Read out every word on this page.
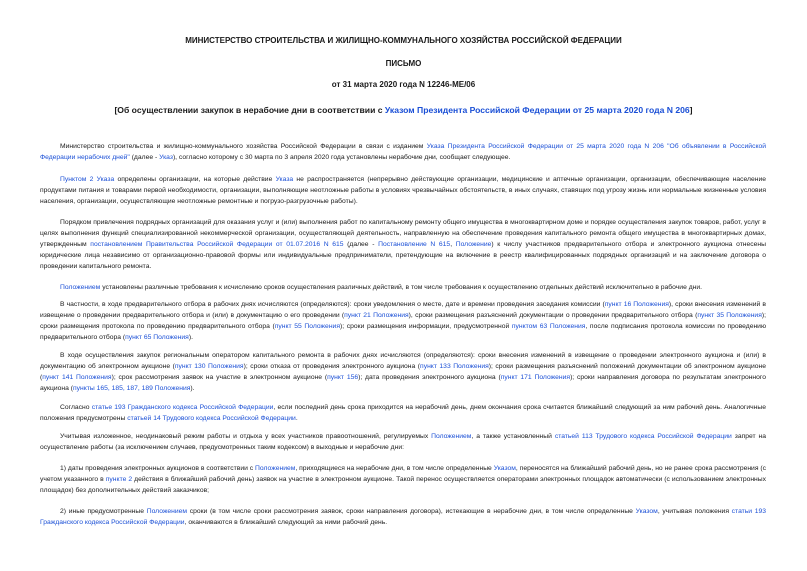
МИНИСТЕРСТВО СТРОИТЕЛЬСТВА И ЖИЛИЩНО-КОММУНАЛЬНОГО ХОЗЯЙСТВА РОССИЙСКОЙ ФЕДЕРАЦИИ
ПИСЬМО
от 31 марта 2020 года N 12246-МЕ/06
[Об осуществлении закупок в нерабочие дни в соответствии с Указом Президента Российской Федерации от 25 марта 2020 года N 206]

Министерство строительства и жилищно-коммунального хозяйства Российской Федерации в связи с изданием Указа Президента Российской Федерации от 25 марта 2020 года N 206 "Об объявлении в Российской Федерации нерабочих дней" (далее - Указ), согласно которому с 30 марта по 3 апреля 2020 года установлены нерабочие дни, сообщает следующее.

Пунктом 2 Указа определены организации, на которые действие Указа не распространяется (непрерывно действующие организации, медицинские и аптечные организации, организации, обеспечивающие население продуктами питания и товарами первой необходимости, организации, выполняющие неотложные работы в условиях чрезвычайных обстоятельств, в иных случаях, ставящих под угрозу жизнь или нормальные жизненные условия населения, организации, осуществляющие неотложные ремонтные и погрузо-разгрузочные работы).

Порядком привлечения подрядных организаций для оказания услуг и (или) выполнения работ по капитальному ремонту общего имущества в многоквартирном доме и порядке осуществления закупок товаров, работ, услуг в целях выполнения функций специализированной некоммерческой организации, осуществляющей деятельность, направленную на обеспечение проведения капитального ремонта общего имущества в многоквартирных домах, утвержденным постановлением Правительства Российской Федерации от 01.07.2016 N 615 (далее - Постановление N 615, Положение) к числу участников предварительного отбора и электронного аукциона отнесены юридические лица независимо от организационно-правовой формы или индивидуальные предприниматели, претендующие на включение в реестр квалифицированных подрядных организаций и на заключение договора о проведении капитального ремонта.

Положением установлены различные требования к исчислению сроков осуществления различных действий, в том числе требования к осуществлению отдельных действий исключительно в рабочие дни.

В частности, в ходе предварительного отбора в рабочих днях исчисляются (определяются): сроки уведомления о месте, дате и времени проведения заседания комиссии (пункт 16 Положения), сроки внесения изменений в извещение о проведении предварительного отбора и (или) в документацию о его проведении (пункт 21 Положения), сроки размещения разъяснений документации о проведении предварительного отбора (пункт 35 Положения); сроки размещения протокола по проведению предварительного отбора (пункт 55 Положения); сроки размещения информации, предусмотренной пунктом 63 Положения, после подписания протокола комиссии по проведению предварительного отбора (пункт 65 Положения).

В ходе осуществления закупок региональным оператором капитального ремонта в рабочих днях исчисляются (определяются): сроки внесения изменений в извещение о проведении электронного аукциона и (или) в документацию об электронном аукционе (пункт 130 Положения); сроки отказа от проведения электронного аукциона (пункт 133 Положения); сроки размещения разъяснений положений документации об электронном аукционе (пункт 141 Положения); срок рассмотрения заявок на участие в электронном аукционе (пункт 156); дата проведения электронного аукциона (пункт 171 Положения); сроки направления договора по результатам электронного аукциона (пункты 165, 185, 187, 189 Положения).

Согласно статье 193 Гражданского кодекса Российской Федерации, если последний день срока приходится на нерабочий день, днем окончания срока считается ближайший следующий за ним рабочий день. Аналогичные положения предусмотрены статьей 14 Трудового кодекса Российской Федерации.

Учитывая изложенное, неодинаковый режим работы и отдыха у всех участников правоотношений, регулируемых Положением, а также установленный статьей 113 Трудового кодекса Российской Федерации запрет на осуществление работы (за исключением случаев, предусмотренных таким кодексом) в выходные и нерабочие дни:

1) даты проведения электронных аукционов в соответствии с Положением, приходящиеся на нерабочие дни, в том числе определенные Указом, переносятся на ближайший рабочий день, но не ранее срока рассмотрения (с учетом указанного в пункте 2 действия в ближайший рабочий день) заявок на участие в электронном аукционе. Такой перенос осуществляется операторами электронных площадок автоматически (с использованием электронных площадок) без дополнительных действий заказчиков;

2) иные предусмотренные Положением сроки (в том числе сроки рассмотрения заявок, сроки направления договора), истекающие в нерабочие дни, в том числе определенные Указом, учитывая положения статьи 193 Гражданского кодекса Российской Федерации, оканчиваются в ближайший следующий за ними рабочий день.
